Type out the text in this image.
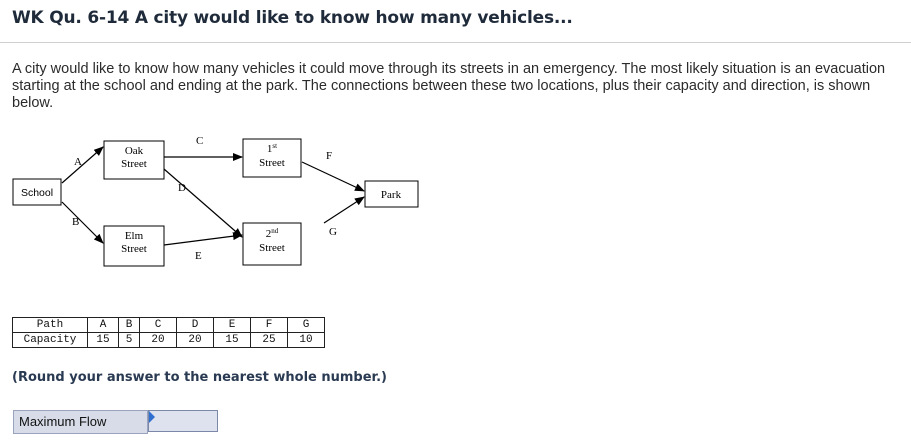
WK Qu. 6-14 A city would like to know how many vehicles...
A city would like to know how many vehicles it could move through its streets in an emergency. The most likely situation is an evacuation starting at the school and ending at the park. The connections between these two locations, plus their capacity and direction, is shown below.
A
B
C
D
E
F
G
School
Oak
Street
1st
Street
Elm
Street
2nd
Street
Park
Path	A	B	C	D	E	F	G
Capacity	15	5	20	20	15	25	10
(Round your answer to the nearest whole number.)
Maximum Flow
